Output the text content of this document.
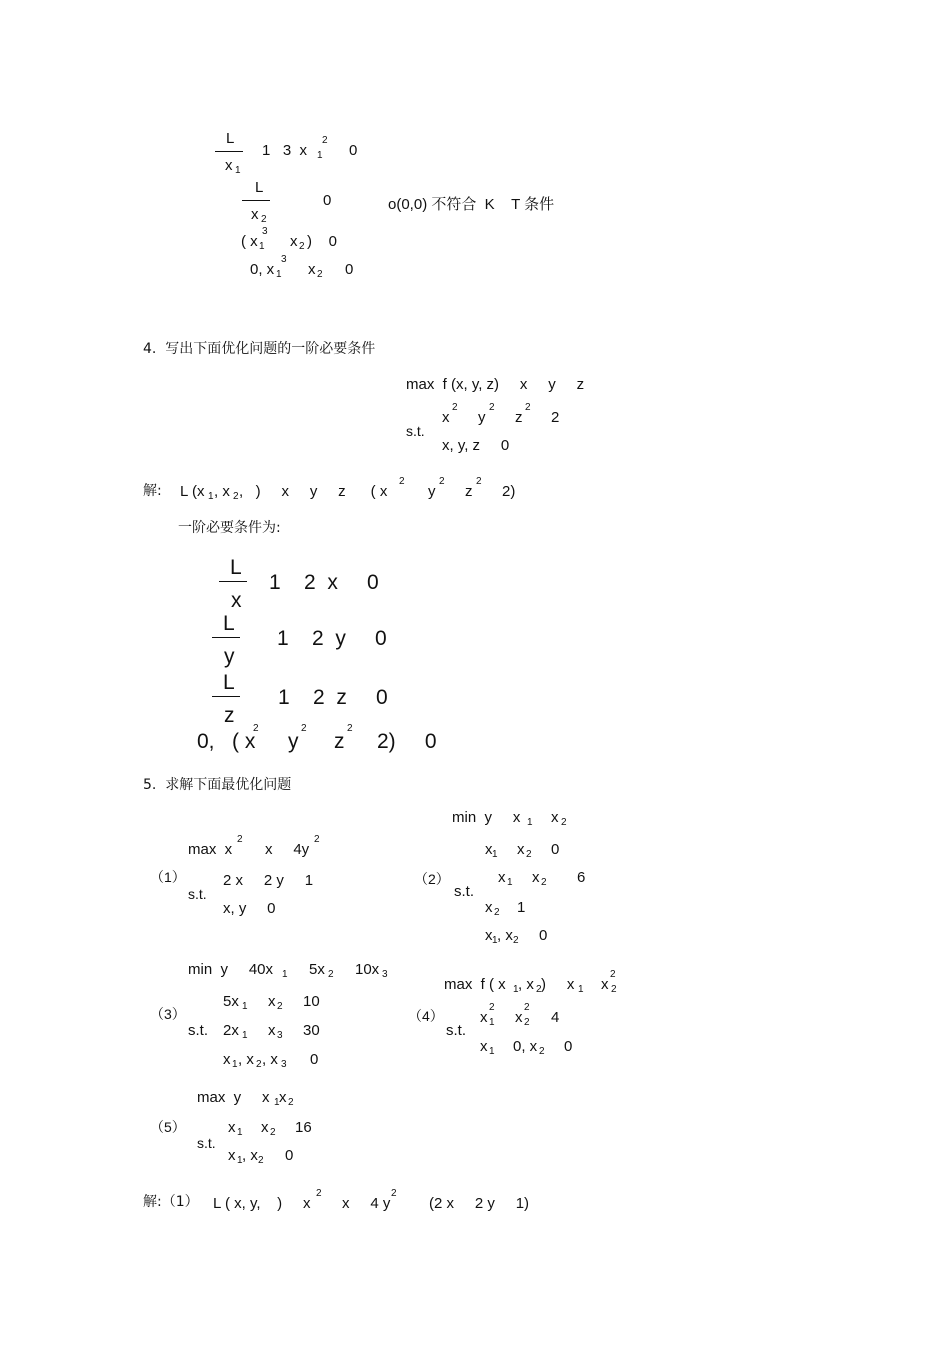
L
x 1
1   3  x 1
2
0
L
x 2
0	o(0,0) 不符合  K    T 条件
( x 1
3
x 2 )    0
0, x 1
3
x 2 0
4.  写出下面优化问题的一阶必要条件
max  f (x, y, z)     x     y     z
s.t.
x
2
y
2
z
2
2
x, y, z     0
解: L (x 1 , x 2 ,   )     x     y     z      ( x
2
y
2
z
2
2)
一阶必要条件为:
L
x
1    2  x     0
L
y
1    2  y     0
L
z
1    2  z     0
0,   ( x
2
y
2
z
2
2)     0
5.  求解下面最优化问题
（1）
max  x
2
x     4y
2
s.t.
2 x     2 y     1
x, y     0
（2）
min  y     x 1 x 2
s.t.
x 1 x 2 0
x 1 x 2 6
x 2 1
x 1 , x 2 0
（3）
min  y     40x 1 5x 2 10x 3
s.t.
5x 1 x 2 10
2x 1 x 3 30
x 1 , x 2 , x 3 0
（4）
max  f ( x 1 , x 2 )     x 1 x 2
2
s.t.
x 1
2
x 2
2
4
x 1 0, x 2 0
（5）
max  y     x 1 x 2
s.t.
x 1 x 2 16
x 1 , x 2 0
解:（1） L ( x, y,    )     x
2
x     4 y
2
(2 x     2 y     1)
